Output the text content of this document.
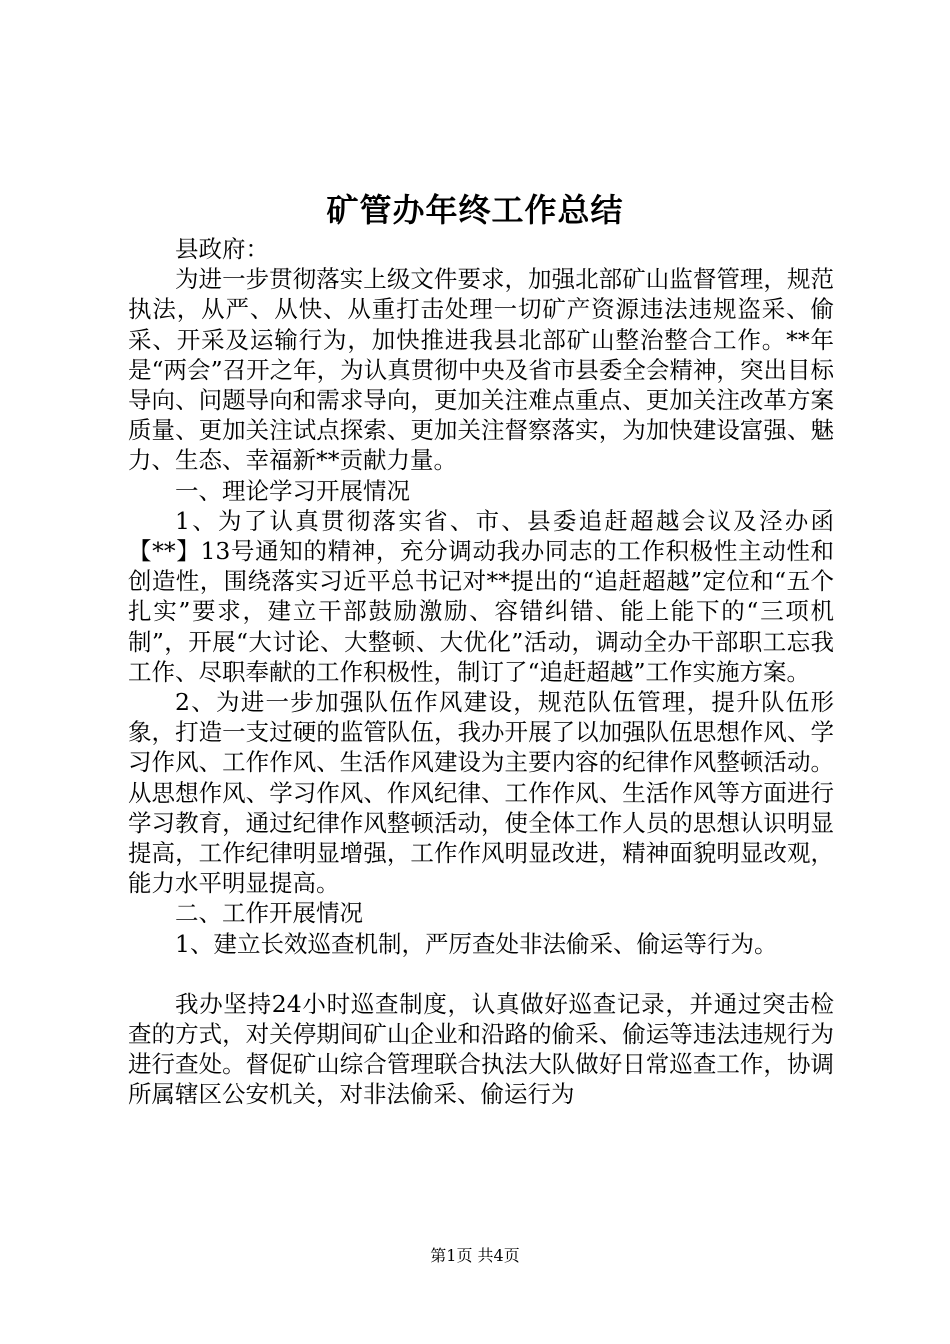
矿管办年终工作总结

县政府：

为进一步贯彻落实上级文件要求，加强北部矿山监督管理，规范执法，从严、从快、从重打击处理一切矿产资源违法违规盗采、偷采、开采及运输行为，加快推进我县北部矿山整治整合工作。**年是“两会”召开之年，为认真贯彻中央及省市县委全会精神，突出目标导向、问题导向和需求导向，更加关注难点重点、更加关注改革方案质量、更加关注试点探索、更加关注督察落实，为加快建设富强、魅力、生态、幸福新**贡献力量。

一、理论学习开展情况

1、为了认真贯彻落实省、市、县委追赶超越会议及泾办函【**】13号通知的精神，充分调动我办同志的工作积极性主动性和创造性，围绕落实习近平总书记对**提出的“追赶超越”定位和“五个扎实”要求，建立干部鼓励激励、容错纠错、能上能下的“三项机制”，开展“大讨论、大整顿、大优化”活动，调动全办干部职工忘我工作、尽职奉献的工作积极性，制订了“追赶超越”工作实施方案。

2、为进一步加强队伍作风建设，规范队伍管理，提升队伍形象，打造一支过硬的监管队伍，我办开展了以加强队伍思想作风、学习作风、工作作风、生活作风建设为主要内容的纪律作风整顿活动。从思想作风、学习作风、作风纪律、工作作风、生活作风等方面进行学习教育，通过纪律作风整顿活动，使全体工作人员的思想认识明显提高，工作纪律明显增强，工作作风明显改进，精神面貌明显改观，能力水平明显提高。

二、工作开展情况

1、建立长效巡查机制，严厉查处非法偷采、偷运等行为。

我办坚持24小时巡查制度，认真做好巡查记录，并通过突击检查的方式，对关停期间矿山企业和沿路的偷采、偷运等违法违规行为进行查处。督促矿山综合管理联合执法大队做好日常巡查工作，协调所属辖区公安机关，对非法偷采、偷运行为

第1页 共4页
